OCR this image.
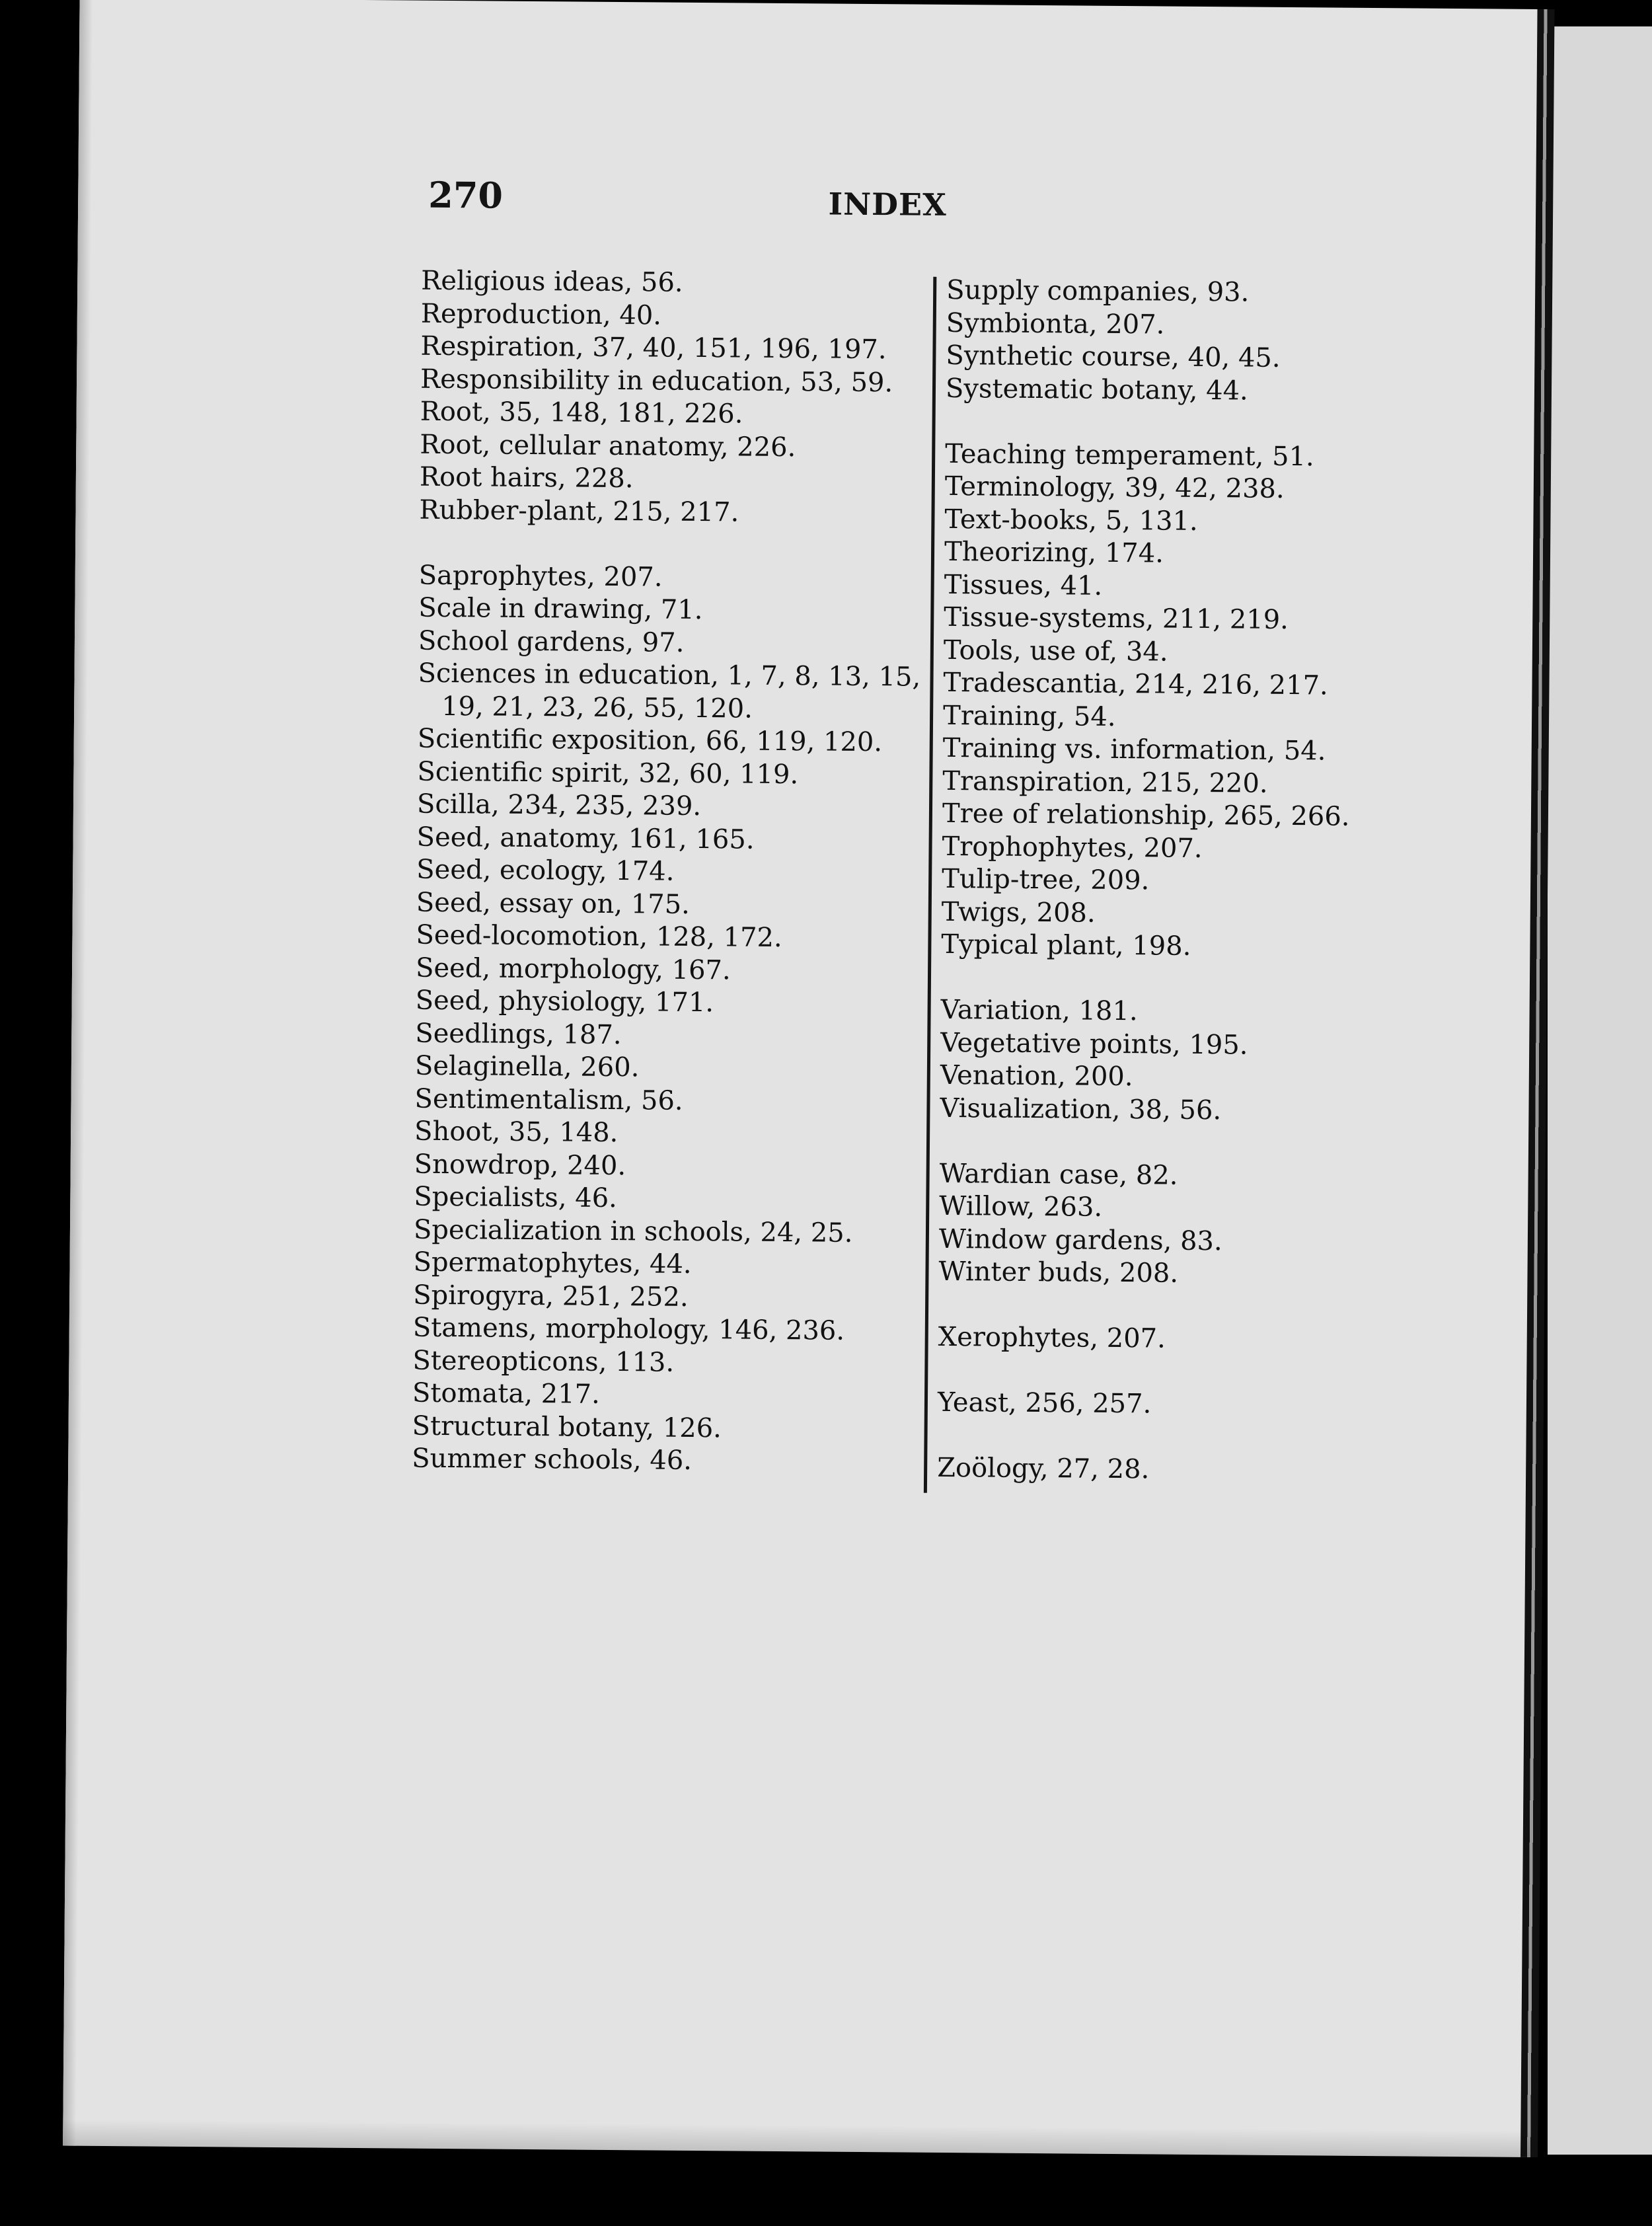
270	INDEX
Religious ideas, 56.
Reproduction, 40.
Respiration, 37, 40, 151, 196, 197.
Responsibility in education, 53, 59.
Root, 35, 148, 181, 226.
Root, cellular anatomy, 226.
Root hairs, 228.
Rubber-plant, 215, 217.
Saprophytes, 207.
Scale in drawing, 71.
School gardens, 97.
Sciences in education, 1, 7, 8, 13, 15,
19, 21, 23, 26, 55, 120.
Scientific exposition, 66, 119, 120.
Scientific spirit, 32, 60, 119.
Scilla, 234, 235, 239.
Seed, anatomy, 161, 165.
Seed, ecology, 174.
Seed, essay on, 175.
Seed-locomotion, 128, 172.
Seed, morphology, 167.
Seed, physiology, 171.
Seedlings, 187.
Selaginella, 260.
Sentimentalism, 56.
Shoot, 35, 148.
Snowdrop, 240.
Specialists, 46.
Specialization in schools, 24, 25.
Spermatophytes, 44.
Spirogyra, 251, 252.
Stamens, morphology, 146, 236.
Stereopticons, 113.
Stomata, 217.
Structural botany, 126.
Summer schools, 46.
Supply companies, 93.
Symbionta, 207.
Synthetic course, 40, 45.
Systematic botany, 44.
Teaching temperament, 51.
Terminology, 39, 42, 238.
Text-books, 5, 131.
Theorizing, 174.
Tissues, 41.
Tissue-systems, 211, 219.
Tools, use of, 34.
Tradescantia, 214, 216, 217.
Training, 54.
Training vs. information, 54.
Transpiration, 215, 220.
Tree of relationship, 265, 266.
Trophophytes, 207.
Tulip-tree, 209.
Twigs, 208.
Typical plant, 198.
Variation, 181.
Vegetative points, 195.
Venation, 200.
Visualization, 38, 56.
Wardian case, 82.
Willow, 263.
Window gardens, 83.
Winter buds, 208.
Xerophytes, 207.
Yeast, 256, 257.
Zoölogy, 27, 28.
